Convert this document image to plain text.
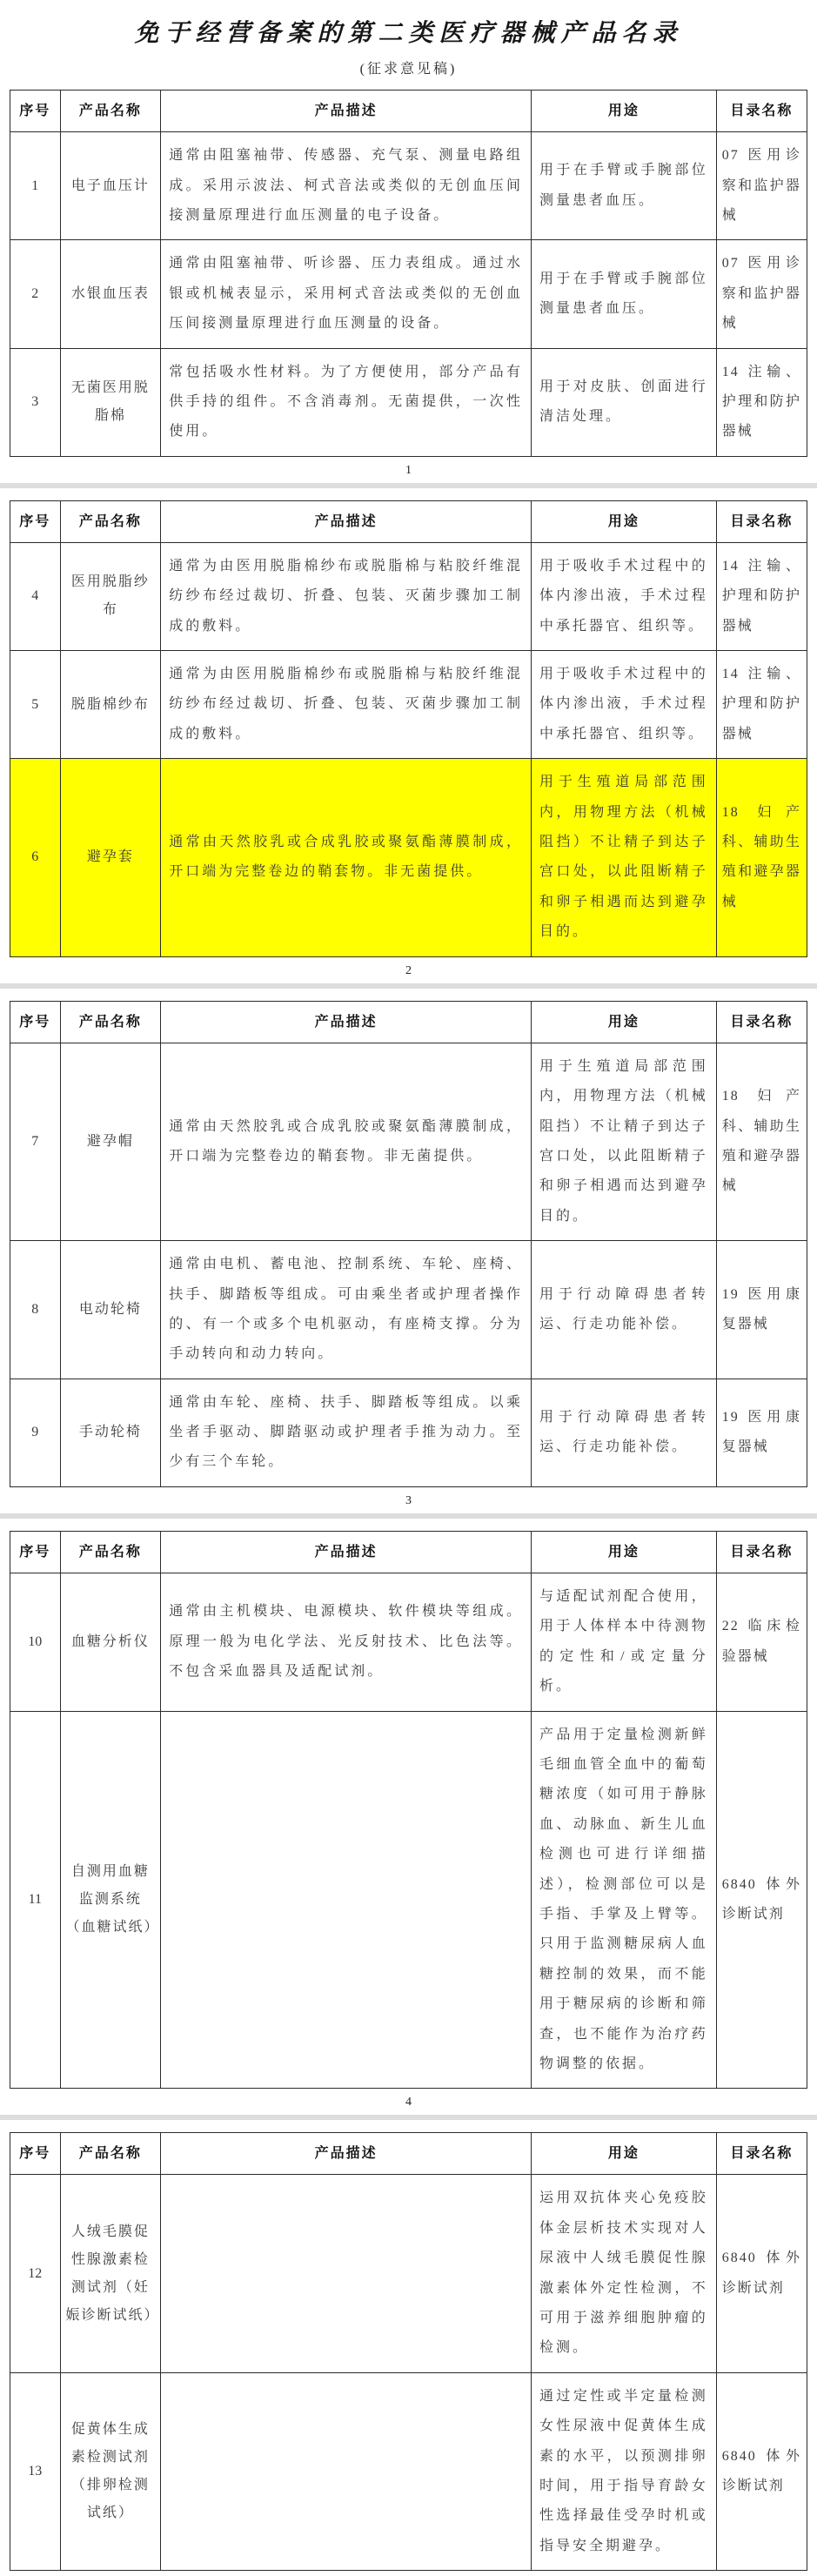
免于经营备案的第二类医疗器械产品名录
(征求意见稿)
序号	产品名称	产品描述	用途	目录名称
1	电子血压计	通常由阻塞袖带、传感器、充气泵、测量电路组成。采用示波法、柯式音法或类似的无创血压间接测量原理进行血压测量的电子设备。	用于在手臂或手腕部位测量患者血压。	07 医用诊察和监护器械
2	水银血压表	通常由阻塞袖带、听诊器、压力表组成。通过水银或机械表显示，采用柯式音法或类似的无创血压间接测量原理进行血压测量的设备。	用于在手臂或手腕部位测量患者血压。	07 医用诊察和监护器械
3	无菌医用脱脂棉	常包括吸水性材料。为了方便使用，部分产品有供手持的组件。不含消毒剂。无菌提供，一次性使用。	用于对皮肤、创面进行清洁处理。	14 注输、护理和防护器械
1
序号	产品名称	产品描述	用途	目录名称
4	医用脱脂纱布	通常为由医用脱脂棉纱布或脱脂棉与粘胶纤维混纺纱布经过裁切、折叠、包装、灭菌步骤加工制成的敷料。	用于吸收手术过程中的体内渗出液，手术过程中承托器官、组织等。	14 注输、护理和防护器械
5	脱脂棉纱布	通常为由医用脱脂棉纱布或脱脂棉与粘胶纤维混纺纱布经过裁切、折叠、包装、灭菌步骤加工制成的敷料。	用于吸收手术过程中的体内渗出液，手术过程中承托器官、组织等。	14 注输、护理和防护器械
6	避孕套	通常由天然胶乳或合成乳胶或聚氨酯薄膜制成，开口端为完整卷边的鞘套物。非无菌提供。	用于生殖道局部范围内，用物理方法（机械阻挡）不让精子到达子宫口处，以此阻断精子和卵子相遇而达到避孕目的。	18 妇产科、辅助生殖和避孕器械
2
序号	产品名称	产品描述	用途	目录名称
7	避孕帽	通常由天然胶乳或合成乳胶或聚氨酯薄膜制成，开口端为完整卷边的鞘套物。非无菌提供。	用于生殖道局部范围内，用物理方法（机械阻挡）不让精子到达子宫口处，以此阻断精子和卵子相遇而达到避孕目的。	18 妇产科、辅助生殖和避孕器械
8	电动轮椅	通常由电机、蓄电池、控制系统、车轮、座椅、扶手、脚踏板等组成。可由乘坐者或护理者操作的、有一个或多个电机驱动，有座椅支撑。分为手动转向和动力转向。	用于行动障碍患者转运、行走功能补偿。	19 医用康复器械
9	手动轮椅	通常由车轮、座椅、扶手、脚踏板等组成。以乘坐者手驱动、脚踏驱动或护理者手推为动力。至少有三个车轮。	用于行动障碍患者转运、行走功能补偿。	19 医用康复器械
3
序号	产品名称	产品描述	用途	目录名称
10	血糖分析仪	通常由主机模块、电源模块、软件模块等组成。原理一般为电化学法、光反射技术、比色法等。不包含采血器具及适配试剂。	与适配试剂配合使用，用于人体样本中待测物的定性和/或定量分析。	22 临床检验器械
11	自测用血糖监测系统（血糖试纸）		产品用于定量检测新鲜毛细血管全血中的葡萄糖浓度（如可用于静脉血、动脉血、新生儿血检测也可进行详细描述），检测部位可以是手指、手掌及上臂等。只用于监测糖尿病人血糖控制的效果，而不能用于糖尿病的诊断和筛查，也不能作为治疗药物调整的依据。	6840 体外诊断试剂
4
序号	产品名称	产品描述	用途	目录名称
12	人绒毛膜促性腺激素检测试剂（妊娠诊断试纸）		运用双抗体夹心免疫胶体金层析技术实现对人尿液中人绒毛膜促性腺激素体外定性检测，不可用于滋养细胞肿瘤的检测。	6840 体外诊断试剂
13	促黄体生成素检测试剂（排卵检测试纸）		通过定性或半定量检测女性尿液中促黄体生成素的水平，以预测排卵时间，用于指导育龄女性选择最佳受孕时机或指导安全期避孕。	6840 体外诊断试剂
